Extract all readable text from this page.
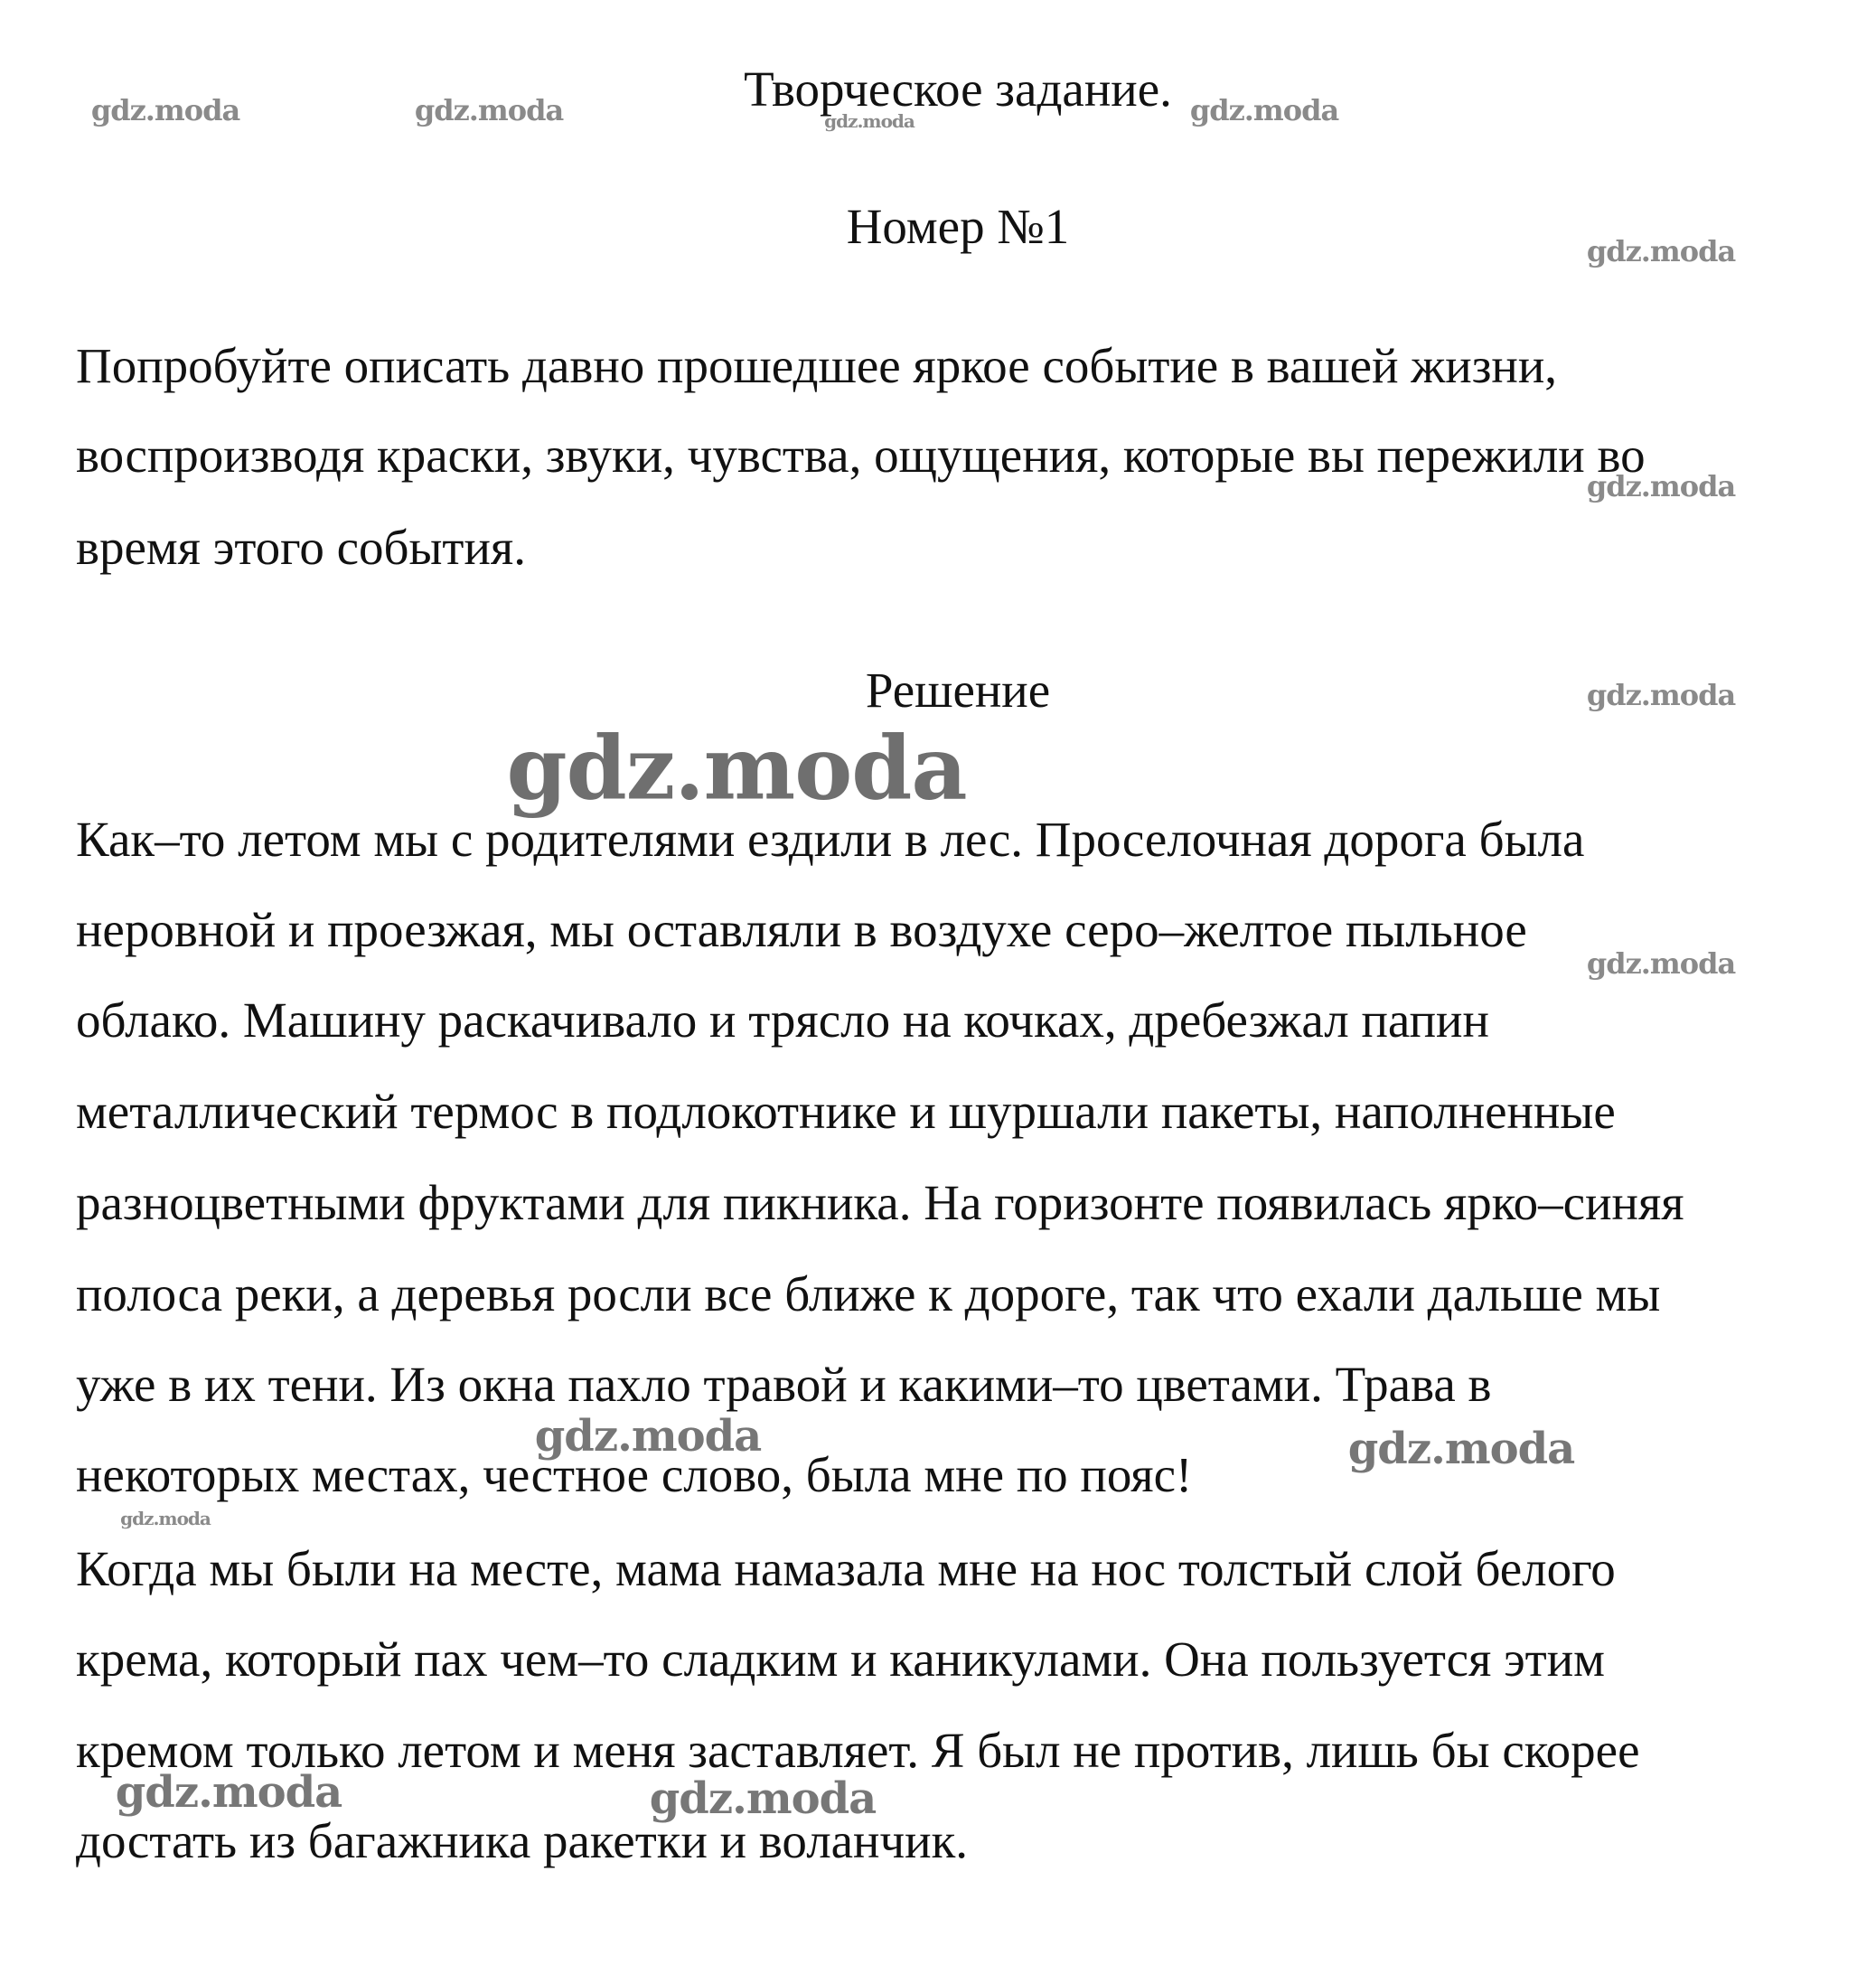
Творческое задание.
Номер №1
Попробуйте описать давно прошедшее яркое событие в вашей жизни,
воспроизводя краски, звуки, чувства, ощущения, которые вы пережили во
время этого события.
Решение
Как–то летом мы с родителями ездили в лес. Проселочная дорога была
неровной и проезжая, мы оставляли в воздухе серо–желтое пыльное
облако. Машину раскачивало и трясло на кочках, дребезжал папин
металлический термос в подлокотнике и шуршали пакеты, наполненные
разноцветными фруктами для пикника. На горизонте появилась ярко–синяя
полоса реки, а деревья росли все ближе к дороге, так что ехали дальше мы
уже в их тени. Из окна пахло травой и какими–то цветами. Трава в
некоторых местах, честное слово, была мне по пояс!
Когда мы были на месте, мама намазала мне на нос толстый слой белого
крема, который пах чем–то сладким и каникулами. Она пользуется этим
кремом только летом и меня заставляет. Я был не против, лишь бы скорее
достать из багажника ракетки и воланчик.
gdz.moda	gdz.moda	gdz.moda	gdz.moda
gdz.moda
gdz.moda
gdz.moda
gdz.moda
gdz.moda
gdz.moda	gdz.moda
gdz.moda
gdz.moda	gdz.moda
